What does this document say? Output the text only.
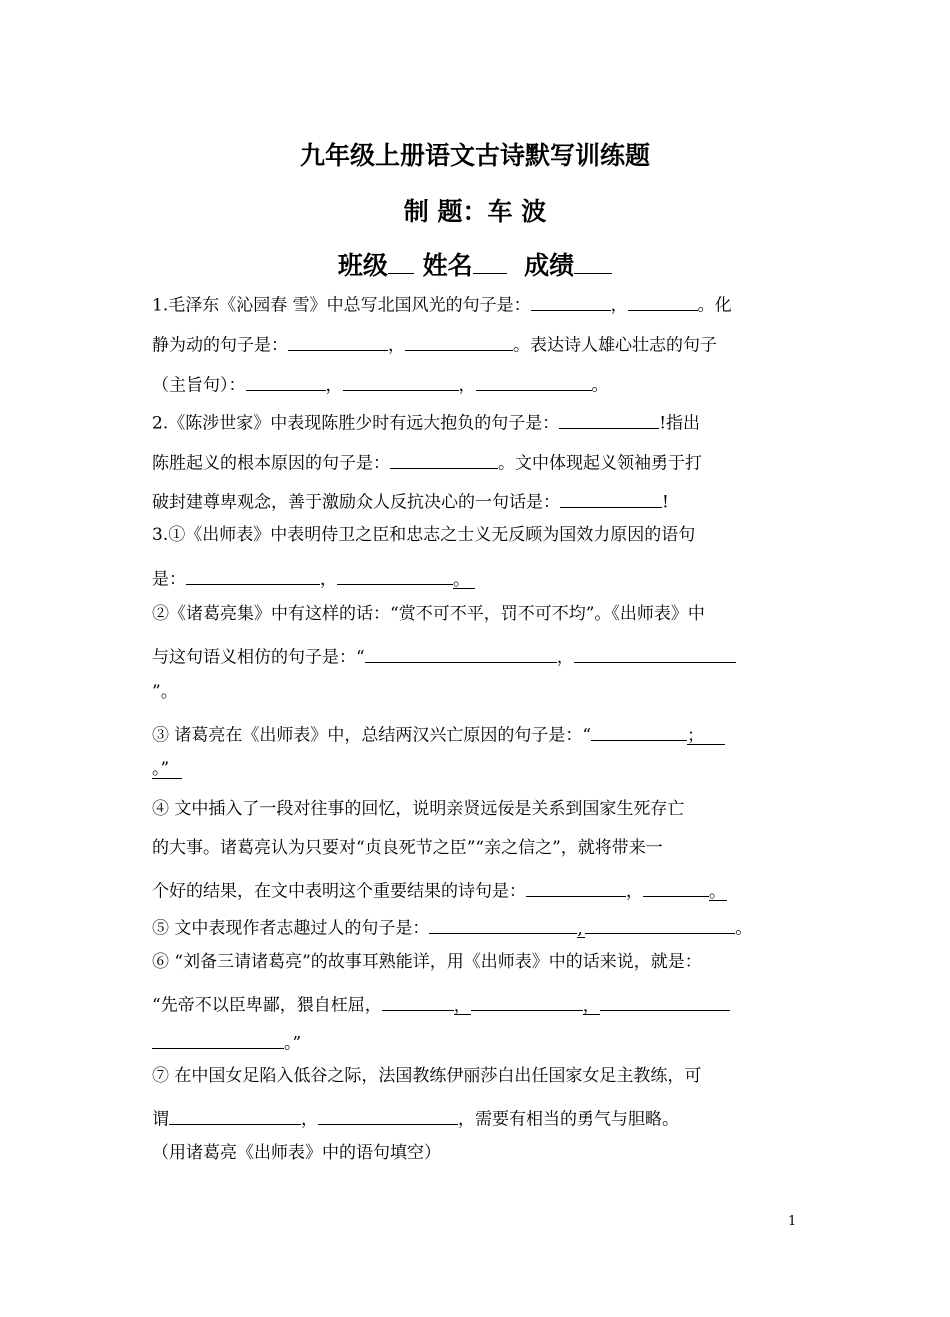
九年级上册语文古诗默写训练题
制 题：车 波
班级 姓名 成绩
1.毛泽东《沁园春 雪》中总写北国风光的句子是：	，	。化
静为动的句子是：	，	。表达诗人雄心壮志的句子
（主旨句）：	，	，	。
2.《陈涉世家》中表现陈胜少时有远大抱负的句子是：	!指出
陈胜起义的根本原因的句子是：	。文中体现起义领袖勇于打
破封建尊卑观念，善于激励众人反抗决心的一句话是：	!
3.①《出师表》中表明侍卫之臣和忠志之士义无反顾为国效力原因的语句
是：	，	。
②《诸葛亮集》中有这样的话：“赏不可不平，罚不可不均”。《出师表》中
与这句语义相仿的句子是：“	，
”。
③ 诸葛亮在《出师表》中，总结两汉兴亡原因的句子是：“	；
。”
④ 文中插入了一段对往事的回忆，说明亲贤远佞是关系到国家生死存亡
的大事。诸葛亮认为只要对“贞良死节之臣”“亲之信之”，就将带来一
个好的结果，在文中表明这个重要结果的诗句是：	，	。
⑤ 文中表现作者志趣过人的句子是：	,	。
⑥ “刘备三请诸葛亮”的故事耳熟能详，用《出师表》中的话来说，就是：
“先帝不以臣卑鄙，猥自枉屈，	，	，
。”
⑦ 在中国女足陷入低谷之际，法国教练伊丽莎白出任国家女足主教练，可
谓	，	，需要有相当的勇气与胆略。
（用诸葛亮《出师表》中的语句填空）
1
